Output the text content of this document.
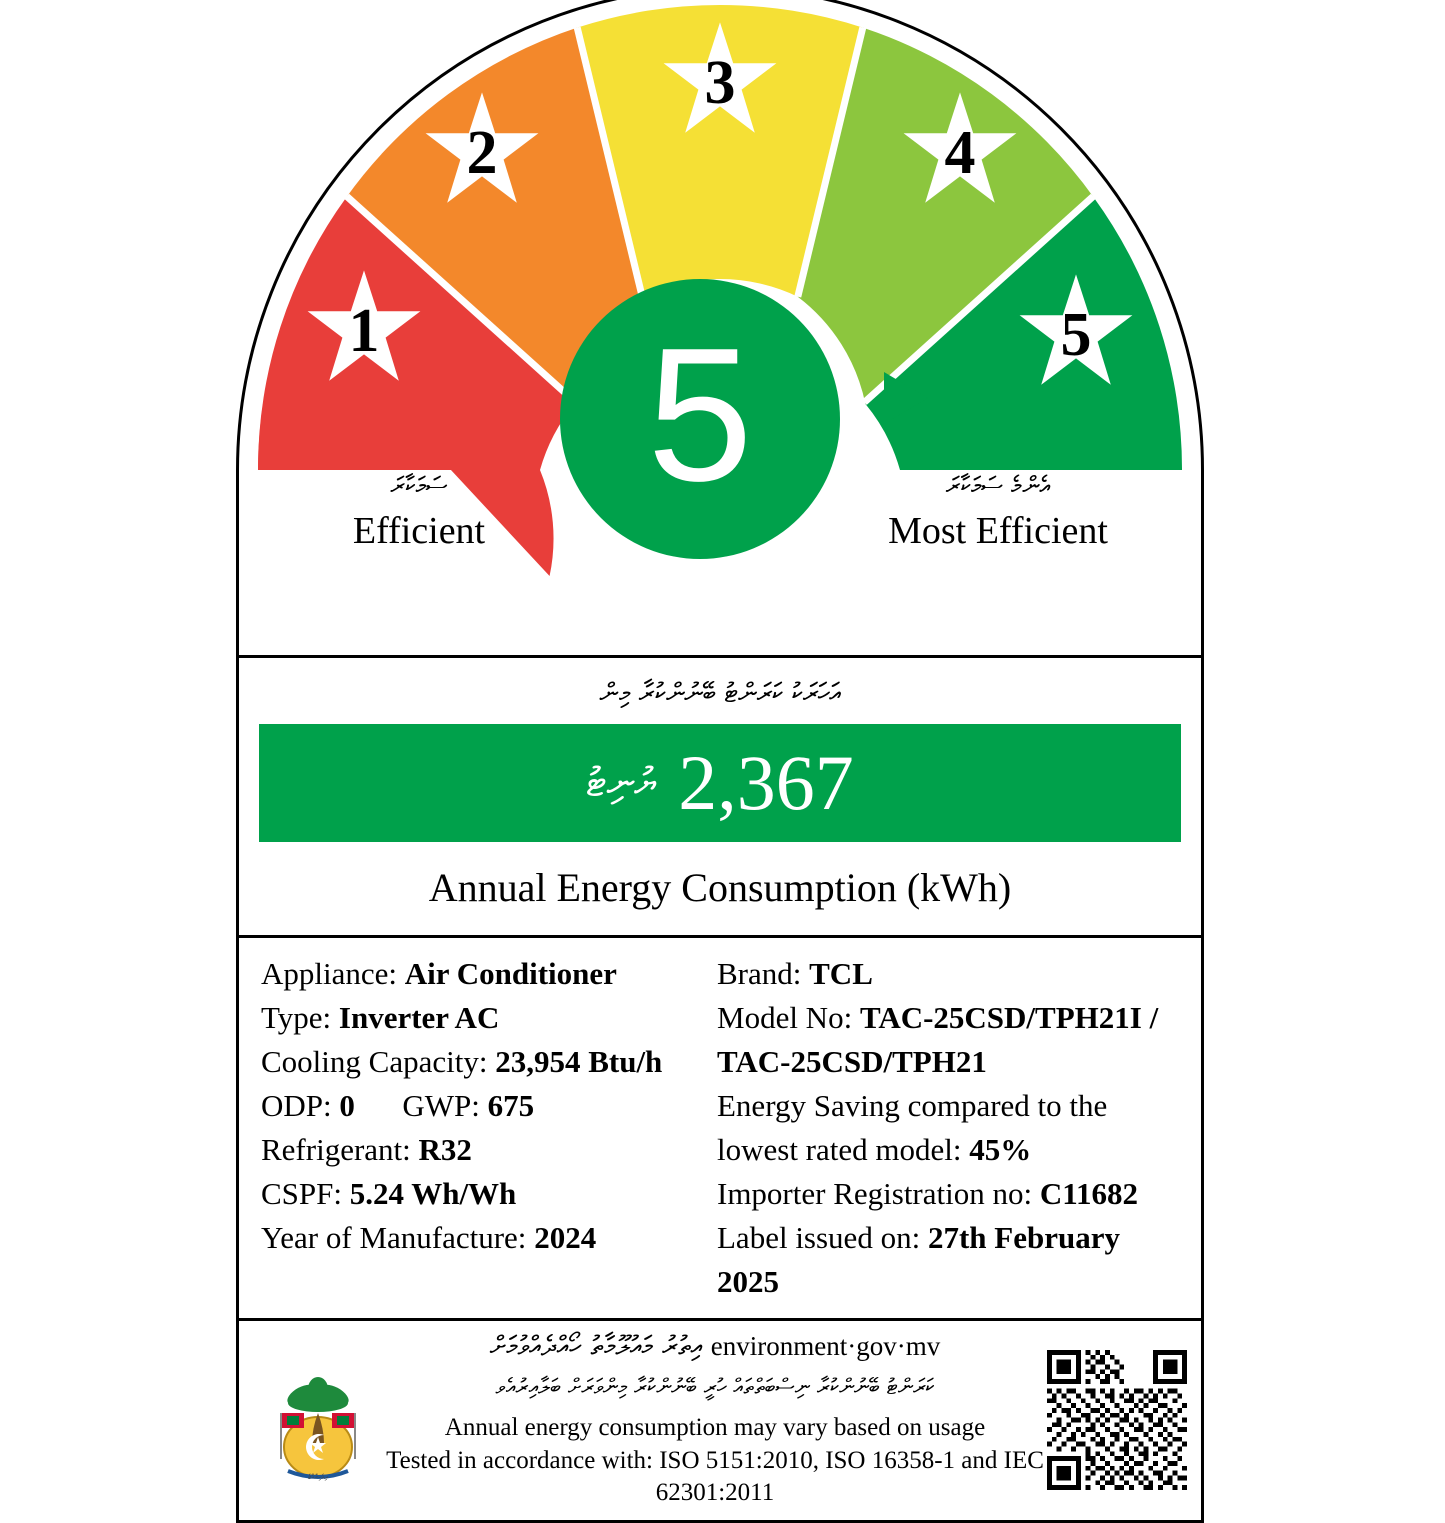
1
2
3
4
5
5
ސަމަކާރަ
Efficient
އެންމެ ސަމަކާރަ
Most Efficient
އަހަރަކު ކަރަންޓު ބޭނުންކުރާ މިން
ޔުނިޓު 2,367
Annual Energy Consumption (kWh)
Appliance: Air Conditioner
Type: Inverter AC
Cooling Capacity: 23,954 Btu/h
ODP: 0 GWP: 675
Refrigerant: R32
CSPF: 5.24 Wh/Wh
Year of Manufacture: 2024
Brand: TCL
Model No: TAC-25CSD/TPH21I / TAC-25CSD/TPH21
Energy Saving compared to the lowest rated model: 45%
Importer Registration no: C11682
Label issued on: 27th February 2025
ދިވެހިރާއްޖެ
environment·gov·mv އިތުރު މައުލޫމާތު ހޯއްދެއްވުމަށް
ކަރަންޓު ބޭނުންކުރާ ނިސްބަތްތައް ހުރީ ބޭނުންކުރާ މިންވަރަށް ބަލާއިރުއެވ
Annual energy consumption may vary based on usage
Tested in accordance with: ISO 5151:2010, ISO 16358-1 and IEC 62301:2011
